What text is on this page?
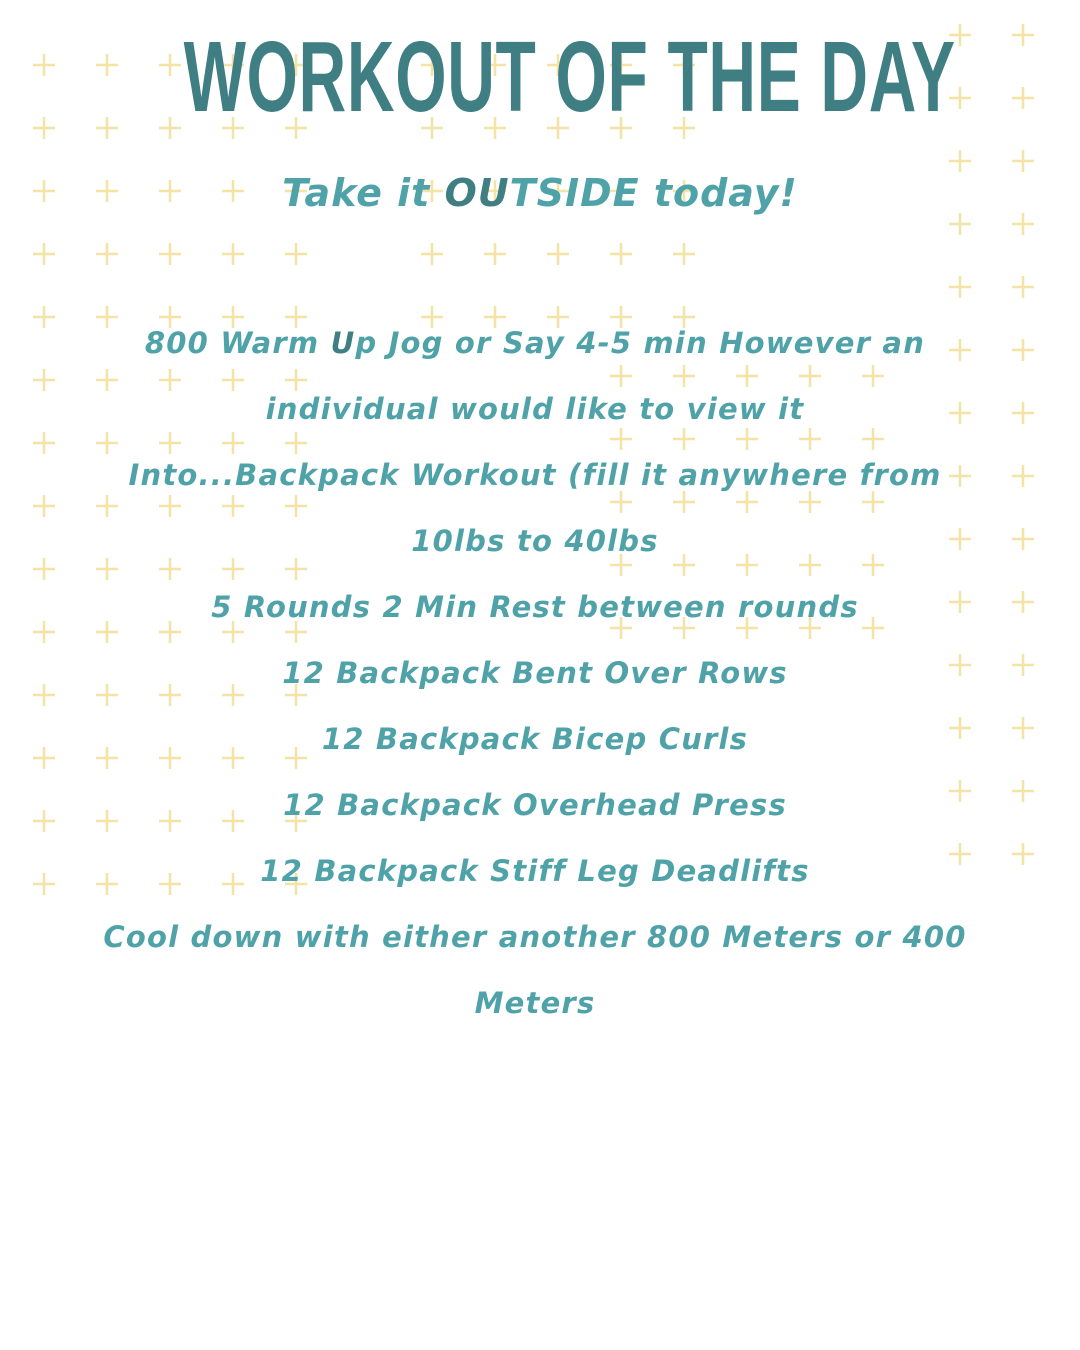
WORKOUT OF THE DAY
Take it OUTSIDE today!
800 Warm Up Jog or Say 4-5 min However an
individual would like to view it
Into...Backpack Workout (fill it anywhere from
10lbs to 40lbs
5 Rounds 2 Min Rest between rounds
12 Backpack Bent Over Rows
12 Backpack Bicep Curls
12 Backpack Overhead Press
12 Backpack Stiff Leg Deadlifts
Cool down with either another 800 Meters or 400
Meters
